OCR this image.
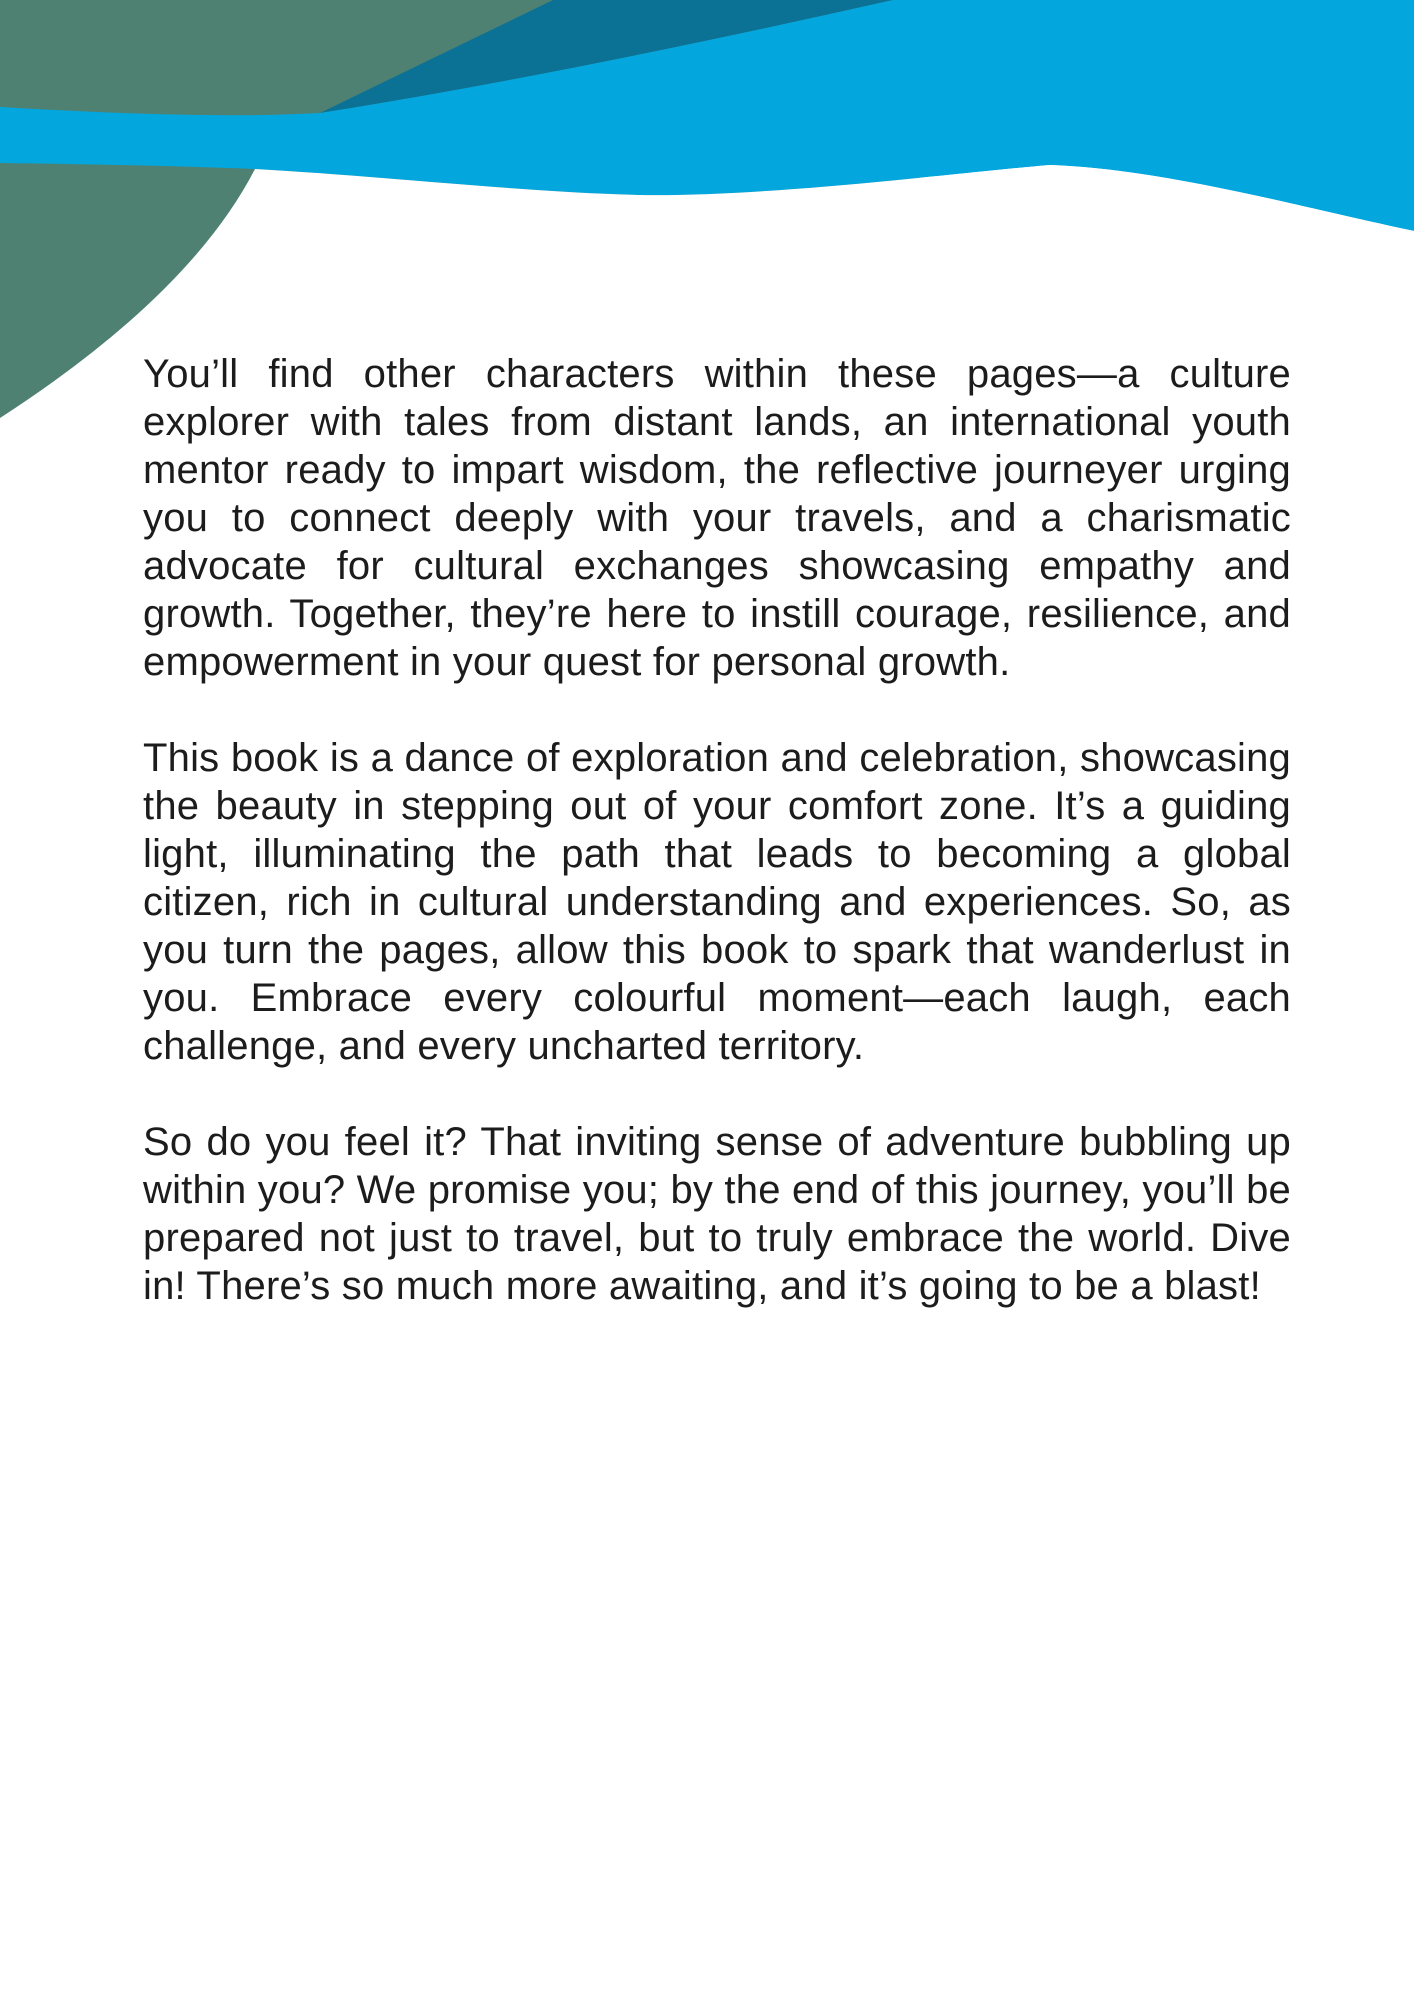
You’ll find other characters within these pages—a culture explorer with tales from distant lands, an international youth mentor ready to impart wisdom, the reflective journeyer urging you to connect deeply with your travels, and a charismatic advocate for cultural exchanges showcasing empathy and growth. Together, they’re here to instill courage, resilience, and empowerment in your quest for personal growth.

This book is a dance of exploration and celebration, showcasing the beauty in stepping out of your comfort zone. It’s a guiding light, illuminating the path that leads to becoming a global citizen, rich in cultural understanding and experiences. So, as you turn the pages, allow this book to spark that wanderlust in you. Embrace every colourful moment—each laugh, each challenge, and every uncharted territory.

So do you feel it? That inviting sense of adventure bubbling up within you? We promise you; by the end of this journey, you’ll be prepared not just to travel, but to truly embrace the world. Dive in! There’s so much more awaiting, and it’s going to be a blast!
